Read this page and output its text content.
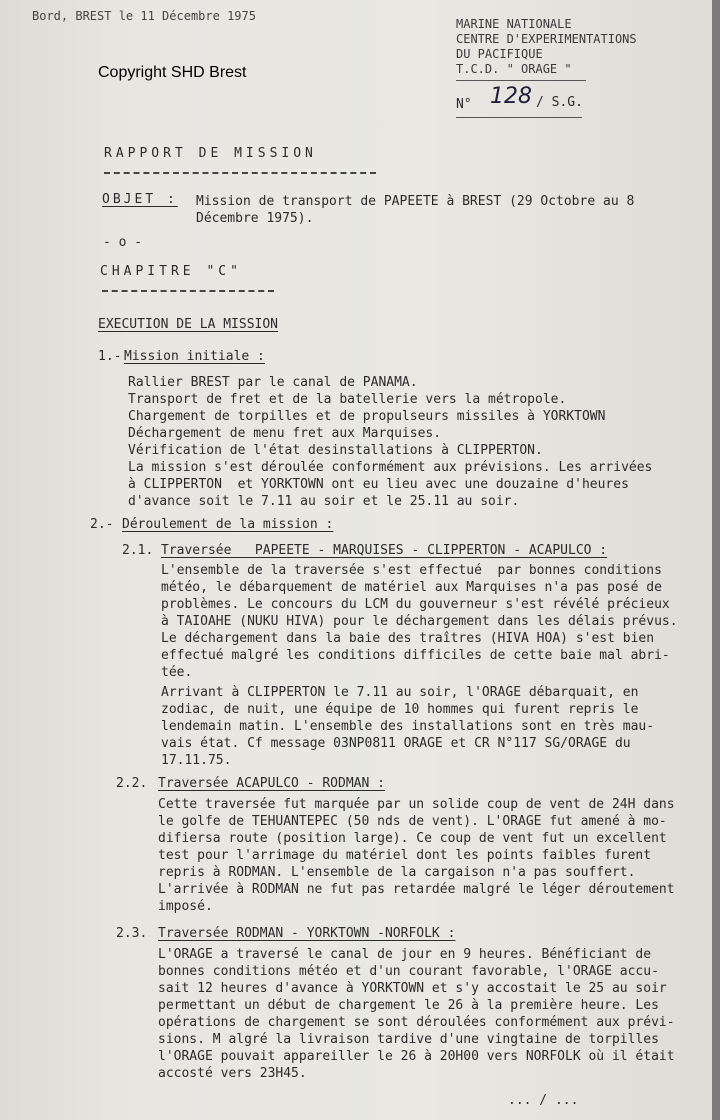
Bord, BREST le 11 Décembre 1975
Copyright SHD Brest
MARINE NATIONALE
CENTRE D'EXPERIMENTATIONS
DU PACIFIQUE
T.C.D. " ORAGE "
N° 128 / S.G.
RAPPORT DE MISSION
OBJET : Mission de transport de PAPEETE à BREST (29 Octobre au 8
Décembre 1975).
- o -
CHAPITRE "C"
EXECUTION DE LA MISSION
1.- Mission initiale :
Rallier BREST par le canal de PANAMA.
Transport de fret et de la batellerie vers la métropole.
Chargement de torpilles et de propulseurs missiles à YORKTOWN
Déchargement de menu fret aux Marquises.
Vérification de l'état desinstallations à CLIPPERTON.
La mission s'est déroulée conformément aux prévisions. Les arrivées
à CLIPPERTON  et YORKTOWN ont eu lieu avec une douzaine d'heures
d'avance soit le 7.11 au soir et le 25.11 au soir.
2.- Déroulement de la mission :
2.1. Traversée   PAPEETE - MARQUISES - CLIPPERTON - ACAPULCO :
L'ensemble de la traversée s'est effectué  par bonnes conditions
météo, le débarquement de matériel aux Marquises n'a pas posé de
problèmes. Le concours du LCM du gouverneur s'est révélé précieux
à TAIOAHE (NUKU HIVA) pour le déchargement dans les délais prévus.
Le déchargement dans la baie des traîtres (HIVA HOA) s'est bien
effectué malgré les conditions difficiles de cette baie mal abri-
tée.
Arrivant à CLIPPERTON le 7.11 au soir, l'ORAGE débarquait, en
zodiac, de nuit, une équipe de 10 hommes qui furent repris le
lendemain matin. L'ensemble des installations sont en très mau-
vais état. Cf message 03NP0811 ORAGE et CR N°117 SG/ORAGE du
17.11.75.
2.2. Traversée ACAPULCO - RODMAN :
Cette traversée fut marquée par un solide coup de vent de 24H dans
le golfe de TEHUANTEPEC (50 nds de vent). L'ORAGE fut amené à mo-
difiersa route (position large). Ce coup de vent fut un excellent
test pour l'arrimage du matériel dont les points faibles furent
repris à RODMAN. L'ensemble de la cargaison n'a pas souffert.
L'arrivée à RODMAN ne fut pas retardée malgré le léger déroutement
imposé.
2.3. Traversée RODMAN - YORKTOWN -NORFOLK :
L'ORAGE a traversé le canal de jour en 9 heures. Bénéficiant de
bonnes conditions météo et d'un courant favorable, l'ORAGE accu-
sait 12 heures d'avance à YORKTOWN et s'y accostait le 25 au soir
permettant un début de chargement le 26 à la première heure. Les
opérations de chargement se sont déroulées conformément aux prévi-
sions. M algré la livraison tardive d'une vingtaine de torpilles
l'ORAGE pouvait appareiller le 26 à 20H00 vers NORFOLK où il était
accosté vers 23H45.
... / ...
